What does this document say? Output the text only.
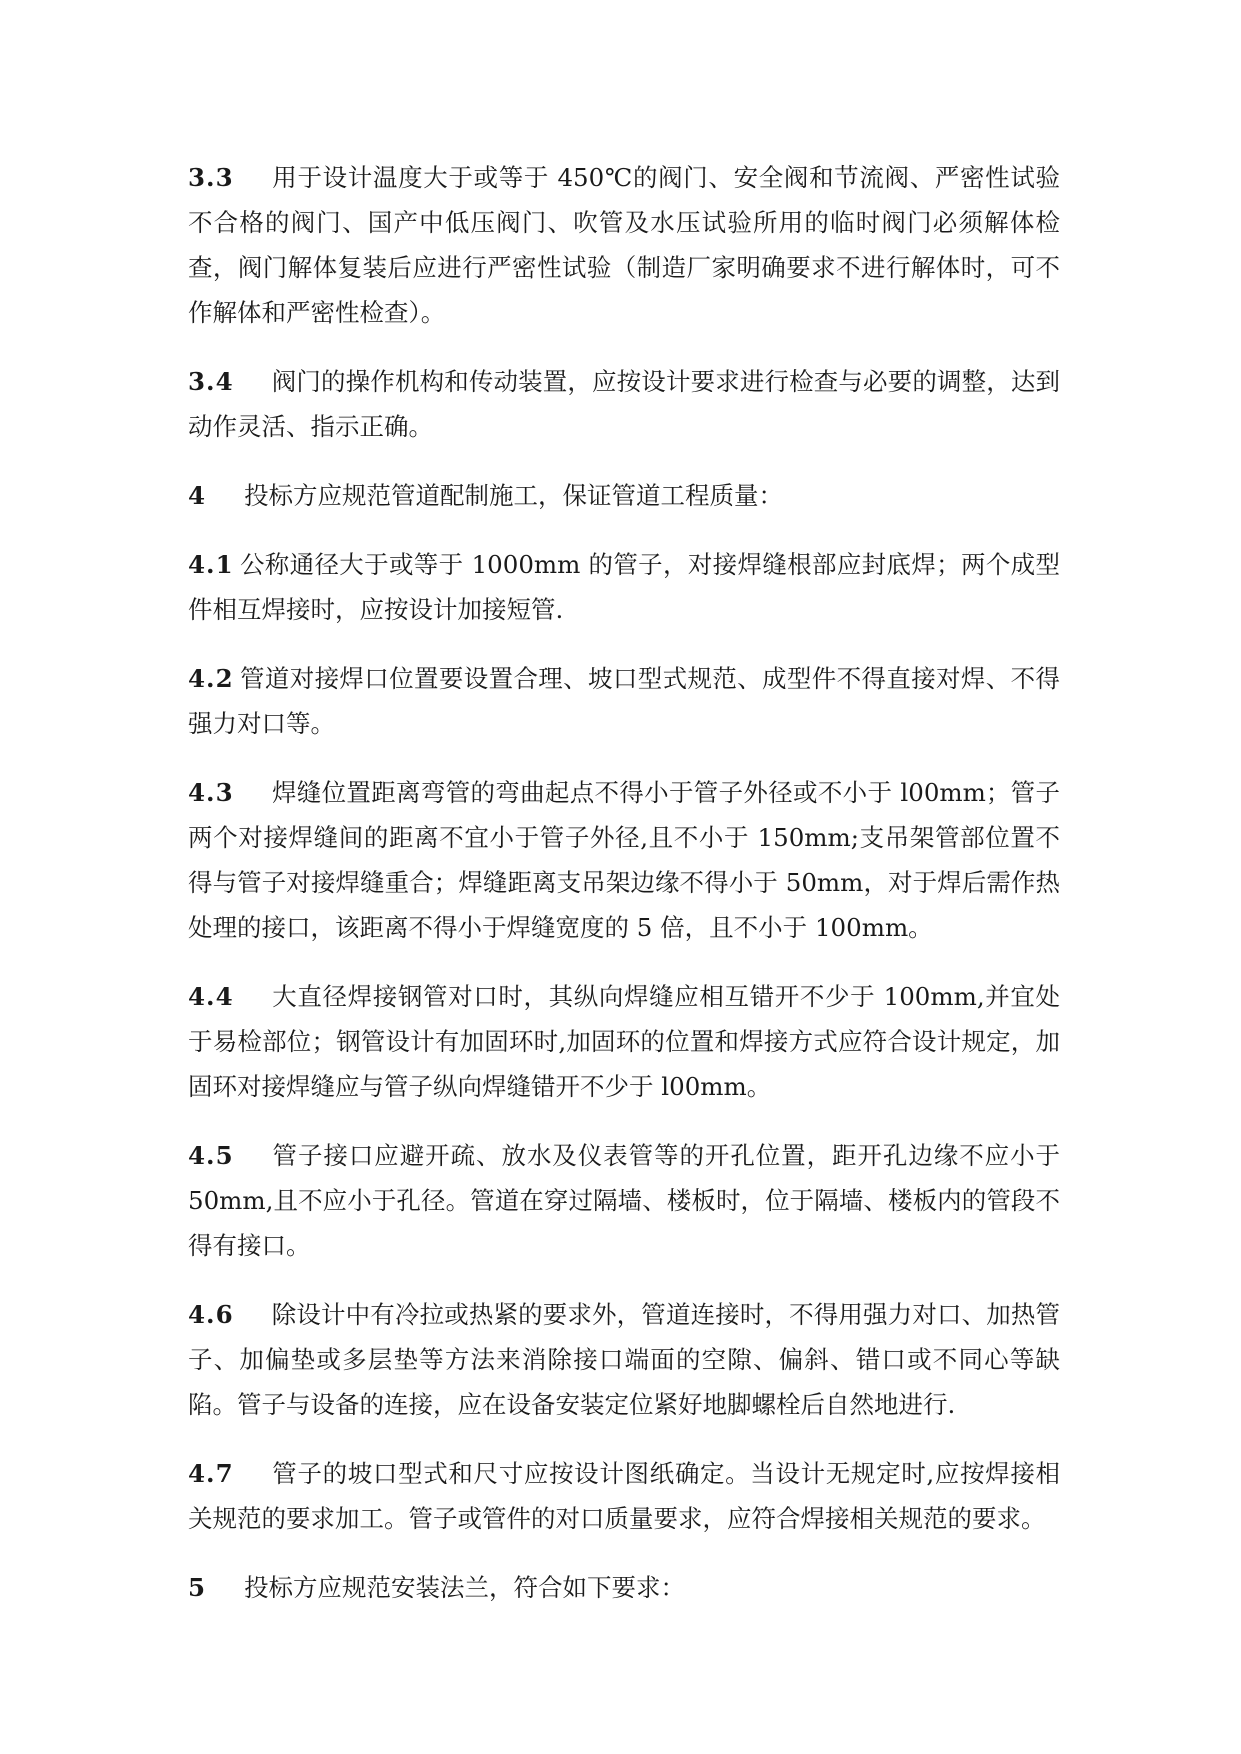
3.3 用于设计温度大于或等于 450℃的阀门、安全阀和节流阀、严密性试验不合格的阀门、国产中低压阀门、吹管及水压试验所用的临时阀门必须解体检查，阀门解体复装后应进行严密性试验（制造厂家明确要求不进行解体时，可不作解体和严密性检查）。

3.4 阀门的操作机构和传动装置，应按设计要求进行检查与必要的调整，达到动作灵活、指示正确。

4 投标方应规范管道配制施工，保证管道工程质量：

4.1 公称通径大于或等于 1000mm 的管子，对接焊缝根部应封底焊；两个成型件相互焊接时，应按设计加接短管.

4.2 管道对接焊口位置要设置合理、坡口型式规范、成型件不得直接对焊、不得强力对口等。

4.3 焊缝位置距离弯管的弯曲起点不得小于管子外径或不小于 l00mm；管子两个对接焊缝间的距离不宜小于管子外径,且不小于 150mm;支吊架管部位置不得与管子对接焊缝重合；焊缝距离支吊架边缘不得小于 50mm，对于焊后需作热处理的接口，该距离不得小于焊缝宽度的 5 倍，且不小于 100mm。

4.4 大直径焊接钢管对口时，其纵向焊缝应相互错开不少于 100mm,并宜处于易检部位；钢管设计有加固环时,加固环的位置和焊接方式应符合设计规定，加固环对接焊缝应与管子纵向焊缝错开不少于 l00mm。

4.5 管子接口应避开疏、放水及仪表管等的开孔位置，距开孔边缘不应小于 50mm,且不应小于孔径。管道在穿过隔墙、楼板时，位于隔墙、楼板内的管段不得有接口。

4.6 除设计中有冷拉或热紧的要求外，管道连接时，不得用强力对口、加热管子、加偏垫或多层垫等方法来消除接口端面的空隙、偏斜、错口或不同心等缺陷。管子与设备的连接，应在设备安装定位紧好地脚螺栓后自然地进行.

4.7 管子的坡口型式和尺寸应按设计图纸确定。当设计无规定时,应按焊接相关规范的要求加工。管子或管件的对口质量要求，应符合焊接相关规范的要求。

5 投标方应规范安装法兰，符合如下要求：
